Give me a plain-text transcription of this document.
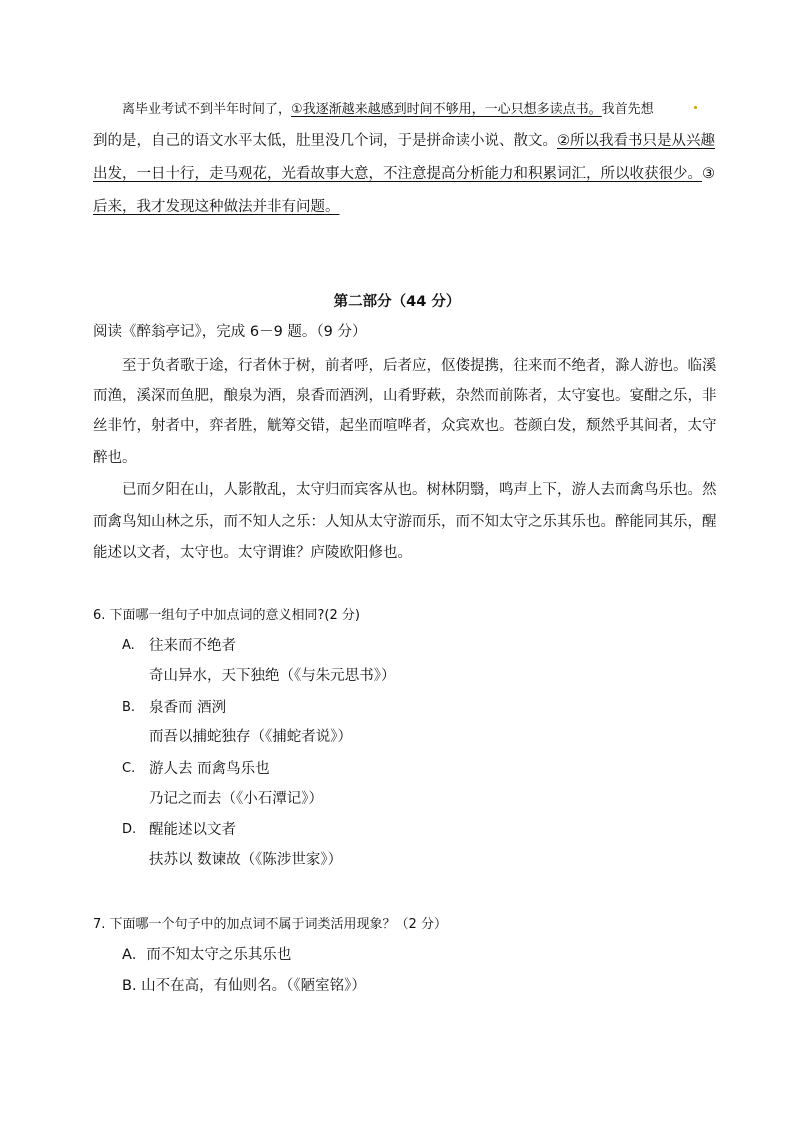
离毕业考试不到半年时间了，①我逐渐越来越感到时间不够用，一心只想多读点书。我首先想
到的是，自己的语文水平太低，肚里没几个词，于是拼命读小说、散文。②所以我看书只是从兴趣
出发，一日十行，走马观花，光看故事大意，不注意提高分析能力和积累词汇，所以收获很少。③
后来，我才发现这种做法并非有问题。
第二部分（44 分）
阅读《醉翁亭记》，完成 6－9 题。（9 分）
至于负者歌于途，行者休于树，前者呼，后者应，伛偻提携，往来而不绝者，滁人游也。临溪
而渔，溪深而鱼肥，酿泉为酒，泉香而酒洌，山肴野蔌，杂然而前陈者，太守宴也。宴酣之乐，非
丝非竹，射者中，弈者胜，觥筹交错，起坐而喧哗者，众宾欢也。苍颜白发，颓然乎其间者，太守
醉也。
已而夕阳在山，人影散乱，太守归而宾客从也。树林阴翳，鸣声上下，游人去而禽鸟乐也。然
而禽鸟知山林之乐，而不知人之乐：人知从太守游而乐，而不知太守之乐其乐也。醉能同其乐，醒
能述以文者，太守也。太守谓谁？庐陵欧阳修也。
6. 下面哪一组句子中加点词的意义相同?(2 分)
A. 往来而不绝者
奇山异水，天下独绝（《与朱元思书》）
B. 泉香而 酒洌
而吾以捕蛇独存（《捕蛇者说》）
C. 游人去 而禽鸟乐也
乃记之而去（《小石潭记》）
D. 醒能述以文者
扶苏以 数谏故（《陈涉世家》）
7. 下面哪一个句子中的加点词不属于词类活用现象？（2 分）
A．而不知太守之乐其乐也
B. 山不在高，有仙则名。（《陋室铭》）
